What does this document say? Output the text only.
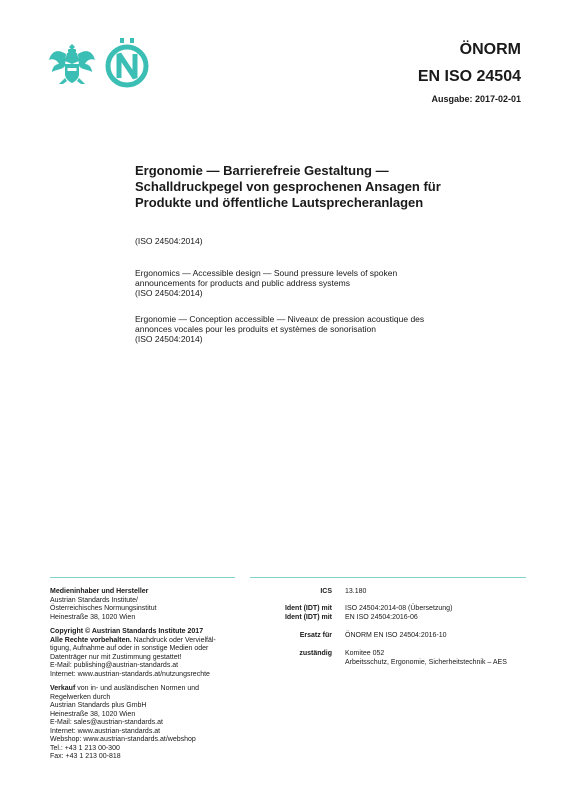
ÖNORM
EN ISO 24504
Ausgabe: 2017-02-01
Ergonomie — Barrierefreie Gestaltung —
Schalldruckpegel von gesprochenen Ansagen für
Produkte und öffentliche Lautsprecheranlagen
(ISO 24504:2014)
Ergonomics — Accessible design — Sound pressure levels of spoken
announcements for products and public address systems
(ISO 24504:2014)
Ergonomie — Conception accessible — Niveaux de pression acoustique des
annonces vocales pour les produits et systèmes de sonorisation
(ISO 24504:2014)

Medieninhaber und Hersteller
Austrian Standards Institute/
Österreichisches Normungsinstitut
Heinestraße 38, 1020 Wien

Copyright © Austrian Standards Institute 2017
Alle Rechte vorbehalten. Nachdruck oder Vervielfäl-
tigung, Aufnahme auf oder in sonstige Medien oder
Datenträger nur mit Zustimmung gestattet!
E-Mail: publishing@austrian-standards.at
Internet: www.austrian-standards.at/nutzungsrechte

Verkauf von in- und ausländischen Normen und
Regelwerken durch
Austrian Standards plus GmbH
Heinestraße 38, 1020 Wien
E-Mail: sales@austrian-standards.at
Internet: www.austrian-standards.at
Webshop: www.austrian-standards.at/webshop
Tel.: +43 1 213 00-300
Fax: +43 1 213 00-818

ICS 13.180
Ident (IDT) mit ISO 24504:2014-08 (Übersetzung)
Ident (IDT) mit EN ISO 24504:2016-06
Ersatz für ÖNORM EN ISO 24504:2016-10
zuständig Komitee 052
Arbeitsschutz, Ergonomie, Sicherheitstechnik – AES
